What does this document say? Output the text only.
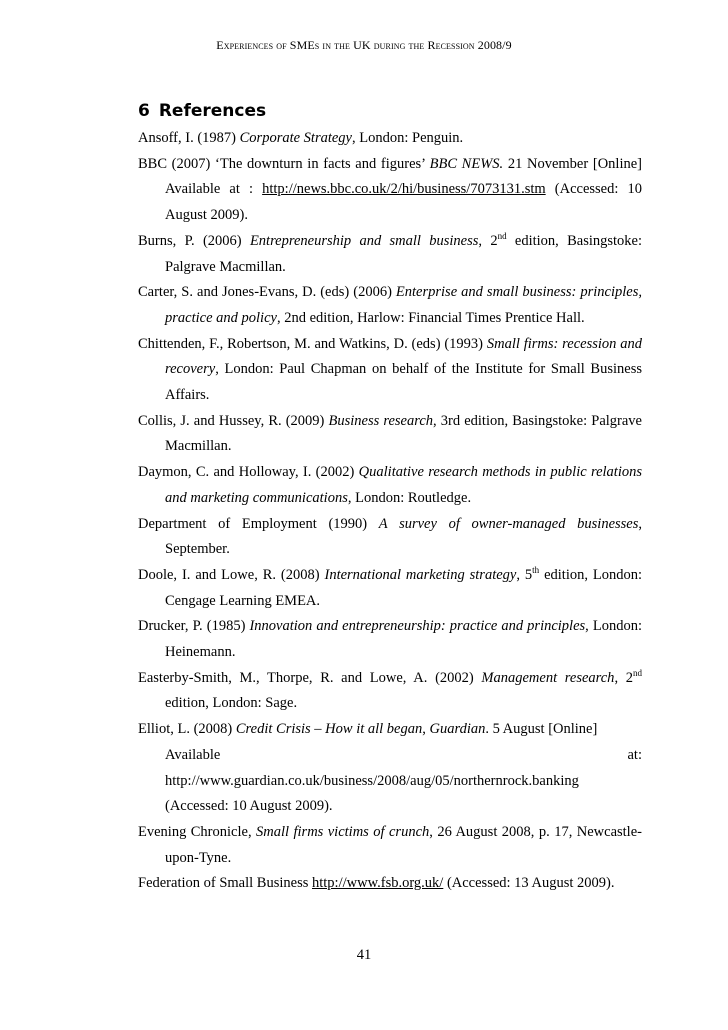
Experiences of SMEs in the UK during the Recession 2008/9
6 References
Ansoff, I. (1987) Corporate Strategy, London: Penguin.
BBC (2007) ‘The downturn in facts and figures’ BBC NEWS. 21 November [Online] Available at : http://news.bbc.co.uk/2/hi/business/7073131.stm (Accessed: 10 August 2009).
Burns, P. (2006) Entrepreneurship and small business, 2nd edition, Basingstoke: Palgrave Macmillan.
Carter, S. and Jones-Evans, D. (eds) (2006) Enterprise and small business: principles, practice and policy, 2nd edition, Harlow: Financial Times Prentice Hall.
Chittenden, F., Robertson, M. and Watkins, D. (eds) (1993) Small firms: recession and recovery, London: Paul Chapman on behalf of the Institute for Small Business Affairs.
Collis, J. and Hussey, R. (2009) Business research, 3rd edition, Basingstoke: Palgrave Macmillan.
Daymon, C. and Holloway, I. (2002) Qualitative research methods in public relations and marketing communications, London: Routledge.
Department of Employment (1990) A survey of owner-managed businesses, September.
Doole, I. and Lowe, R. (2008) International marketing strategy, 5th edition, London: Cengage Learning EMEA.
Drucker, P. (1985) Innovation and entrepreneurship: practice and principles, London: Heinemann.
Easterby-Smith, M., Thorpe, R. and Lowe, A. (2002) Management research, 2nd edition, London: Sage.
Elliot, L. (2008) Credit Crisis – How it all began, Guardian. 5 August [Online]
Available	at:
http://www.guardian.co.uk/business/2008/aug/05/northernrock.banking
(Accessed: 10 August 2009).
Evening Chronicle, Small firms victims of crunch, 26 August 2008, p. 17, Newcastle-upon-Tyne.
Federation of Small Business http://www.fsb.org.uk/ (Accessed: 13 August 2009).
41
